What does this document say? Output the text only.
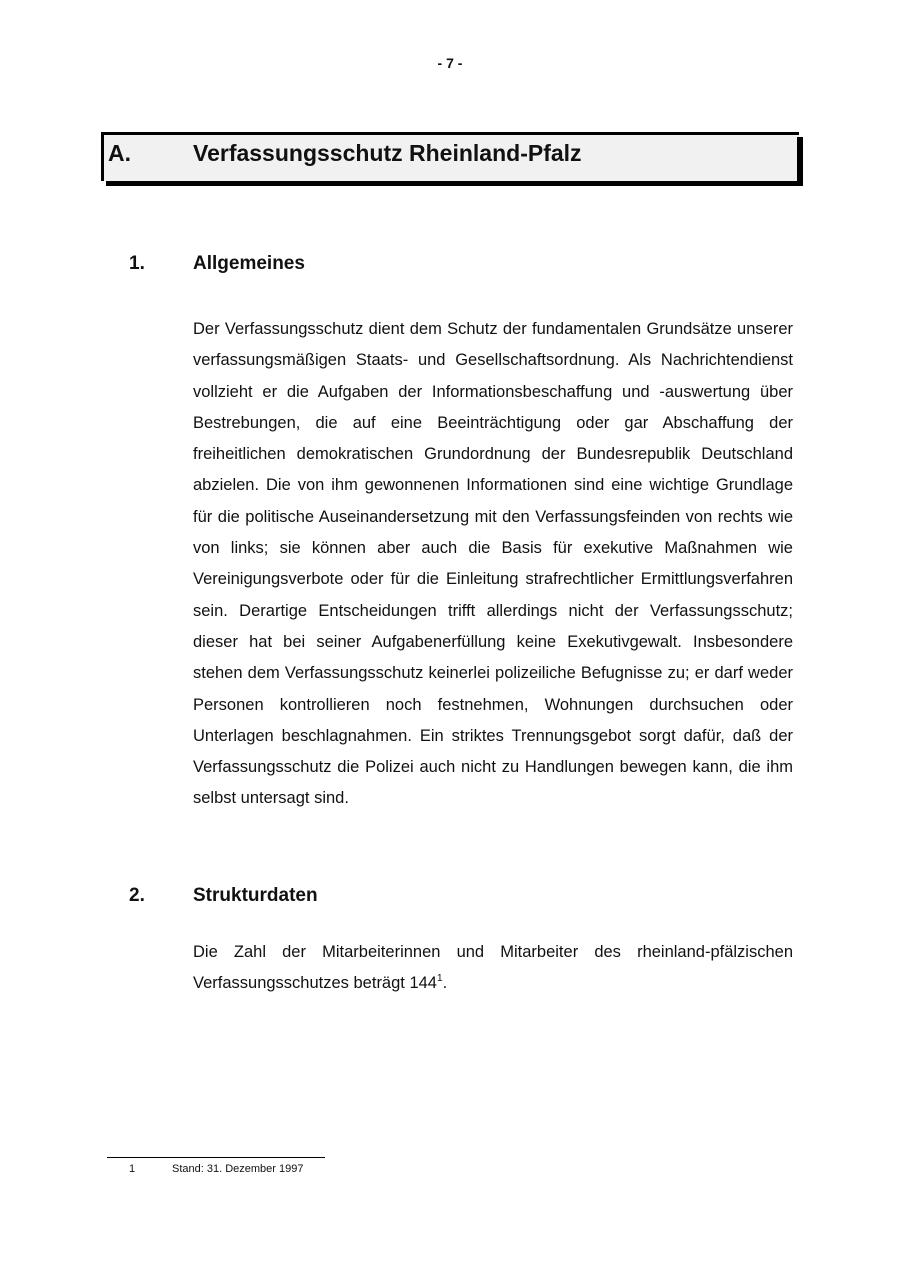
- 7 -
A.	Verfassungsschutz Rheinland-Pfalz
1.	Allgemeines

Der Verfassungsschutz dient dem Schutz der fundamentalen Grundsätze unserer verfassungsmäßigen Staats- und Gesellschaftsordnung. Als Nachrichtendienst vollzieht er die Aufgaben der Informationsbeschaffung und -auswertung über Bestrebungen, die auf eine Beeinträchtigung oder gar Abschaffung der freiheitlichen demokratischen Grundordnung der Bundesrepublik Deutschland abzielen. Die von ihm gewonnenen Informationen sind eine wichtige Grundlage für die politische Auseinandersetzung mit den Verfassungsfeinden von rechts wie von links; sie können aber auch die Basis für exekutive Maßnahmen wie Vereinigungsverbote oder für die Einleitung strafrechtlicher Ermittlungsverfahren sein. Derartige Entscheidungen trifft allerdings nicht der Verfassungsschutz; dieser hat bei seiner Aufgabenerfüllung keine Exekutivgewalt. Insbesondere stehen dem Verfassungsschutz keinerlei polizeiliche Befugnisse zu; er darf weder Personen kontrollieren noch festnehmen, Wohnungen durchsuchen oder Unterlagen beschlagnahmen. Ein striktes Trennungsgebot sorgt dafür, daß der Verfassungsschutz die Polizei auch nicht zu Handlungen bewegen kann, die ihm selbst untersagt sind.

2.	Strukturdaten

Die Zahl der Mitarbeiterinnen und Mitarbeiter des rheinland-pfälzischen Verfassungsschutzes beträgt $144^1$.

1	Stand: 31. Dezember 1997
